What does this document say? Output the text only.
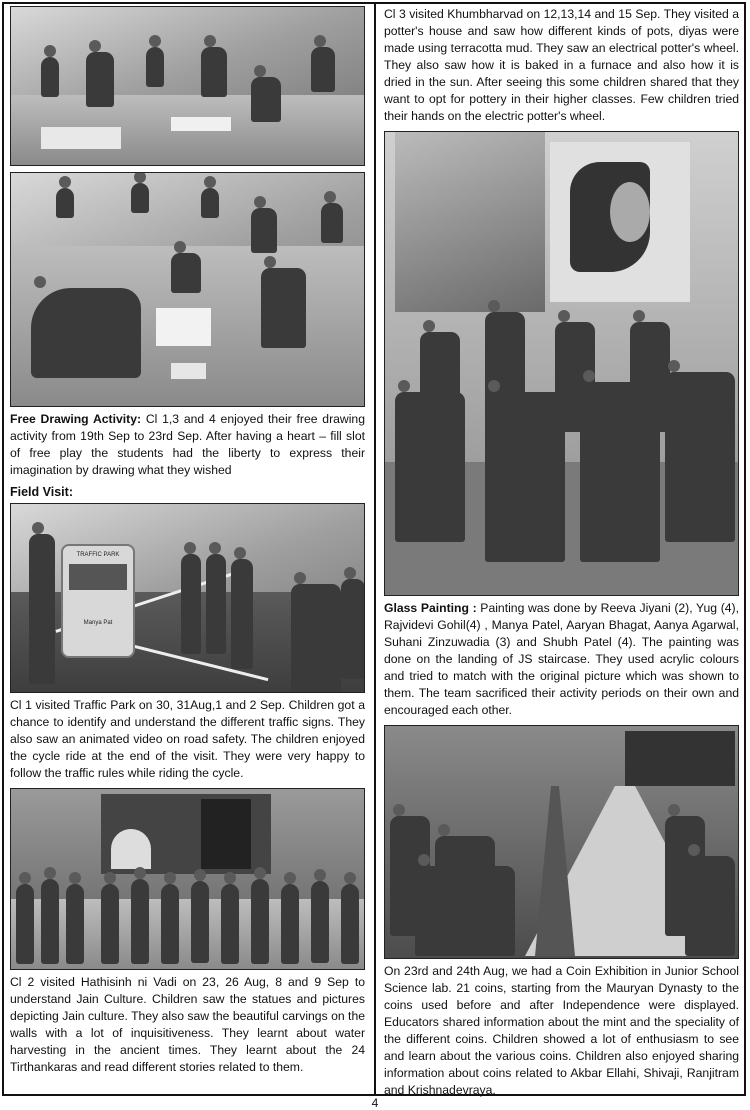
Free Drawing Activity: Cl 1,3 and 4 enjoyed their free drawing activity from 19th Sep to 23rd Sep. After having a heart – fill slot of free play the students had the liberty to express their imagination by drawing what they wished

Field Visit:
TRAFFIC PARK
Manya Pat

Cl 1 visited Traffic Park on 30, 31Aug,1 and 2 Sep. Children got a chance to identify and understand the different traffic signs. They also saw an animated video on road safety. The children enjoyed the cycle ride at the end of the visit. They were very happy to follow the traffic rules while riding the cycle.

Cl 2 visited Hathisinh ni Vadi on 23, 26 Aug, 8 and 9 Sep to understand Jain Culture. Children saw the statues and pictures depicting Jain culture. They also saw the beautiful carvings on the walls with a lot of inquisitiveness. They learnt about water harvesting in the ancient times. They learnt about the 24 Tirthankaras and read different stories related to them.

Cl 3 visited Khumbharvad on 12,13,14 and 15 Sep. They visited a potter's house and saw how different kinds of pots, diyas were made using terracotta mud. They saw an electrical potter's wheel. They also saw how it is baked in a furnace and also how it is dried in the sun. After seeing this some children shared that they want to opt for pottery in their higher classes. Few children tried their hands on the electric potter's wheel.

Glass Painting : Painting was done by Reeva Jiyani (2), Yug (4), Rajvidevi Gohil(4) , Manya Patel, Aaryan Bhagat, Aanya Agarwal, Suhani Zinzuwadia (3) and Shubh Patel (4). The painting was done on the landing of JS staircase. They used acrylic colours and tried to match with the original picture which was shown to them. The team sacrificed their activity periods on their own and encouraged each other.

On 23rd and 24th Aug, we had a Coin Exhibition in Junior School Science lab. 21 coins, starting from the Mauryan Dynasty to the coins used before and after Independence were displayed. Educators shared information about the mint and the speciality of the different coins. Children showed a lot of enthusiasm to see and learn about the various coins. Children also enjoyed sharing information about coins related to Akbar Ellahi, Shivaji, Ranjitram and Krishnadevraya.

4
